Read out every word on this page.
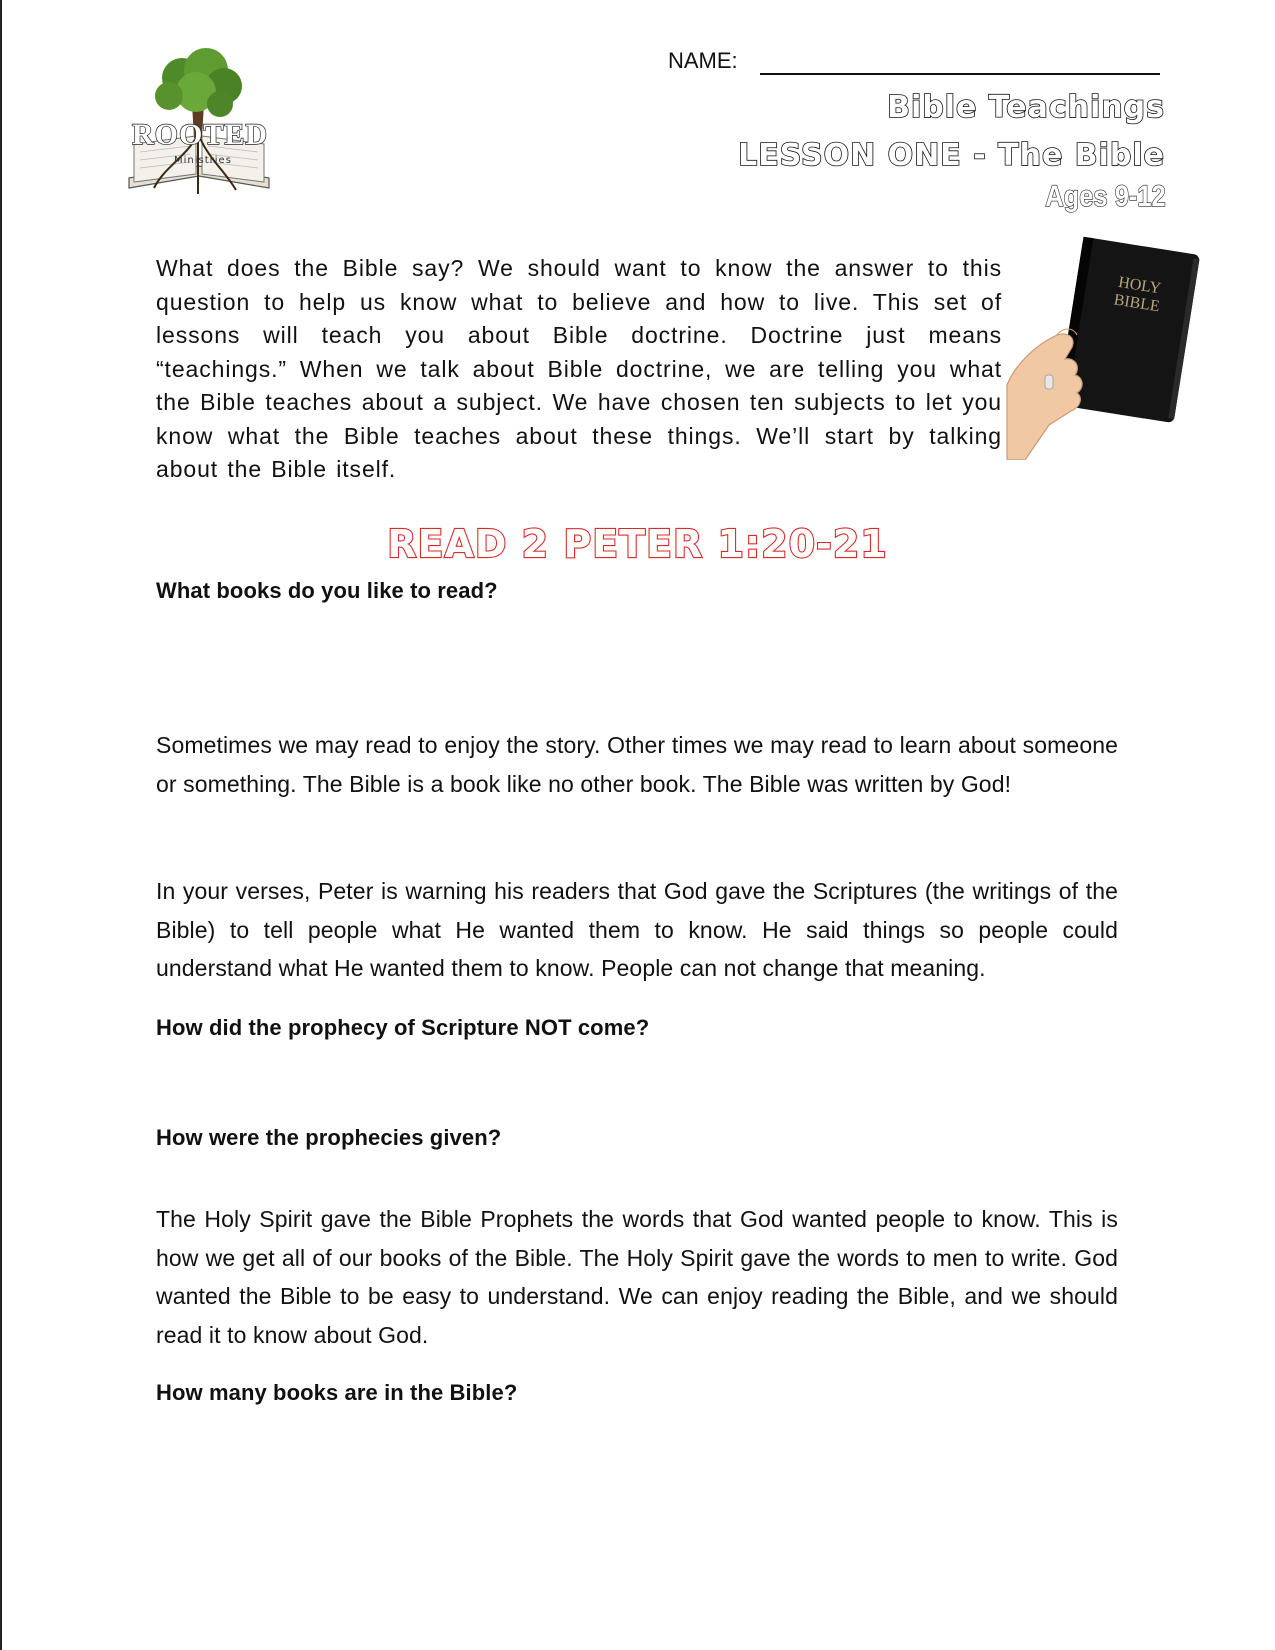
ROOTED
Ministries
NAME:
Bible Teachings
LESSON ONE - The Bible
Ages 9-12
What does the Bible say? We should want to know the answer to this question to help us know what to believe and how to live. This set of lessons will teach you about Bible doctrine. Doctrine just means “teachings.” When we talk about Bible doctrine, we are telling you what the Bible teaches about a subject. We have chosen ten subjects to let you know what the Bible teaches about these things. We’ll start by talking about the Bible itself.
HOLY
BIBLE
READ 2 PETER 1:20-21
What books do you like to read?
Sometimes we may read to enjoy the story. Other times we may read to learn about someone or something. The Bible is a book like no other book. The Bible was written by God!
In your verses, Peter is warning his readers that God gave the Scriptures (the writings of the Bible) to tell people what He wanted them to know. He said things so people could understand what He wanted them to know. People can not change that meaning.
How did the prophecy of Scripture NOT come?
How were the prophecies given?
The Holy Spirit gave the Bible Prophets the words that God wanted people to know. This is how we get all of our books of the Bible. The Holy Spirit gave the words to men to write. God wanted the Bible to be easy to understand. We can enjoy reading the Bible, and we should read it to know about God.
How many books are in the Bible?
